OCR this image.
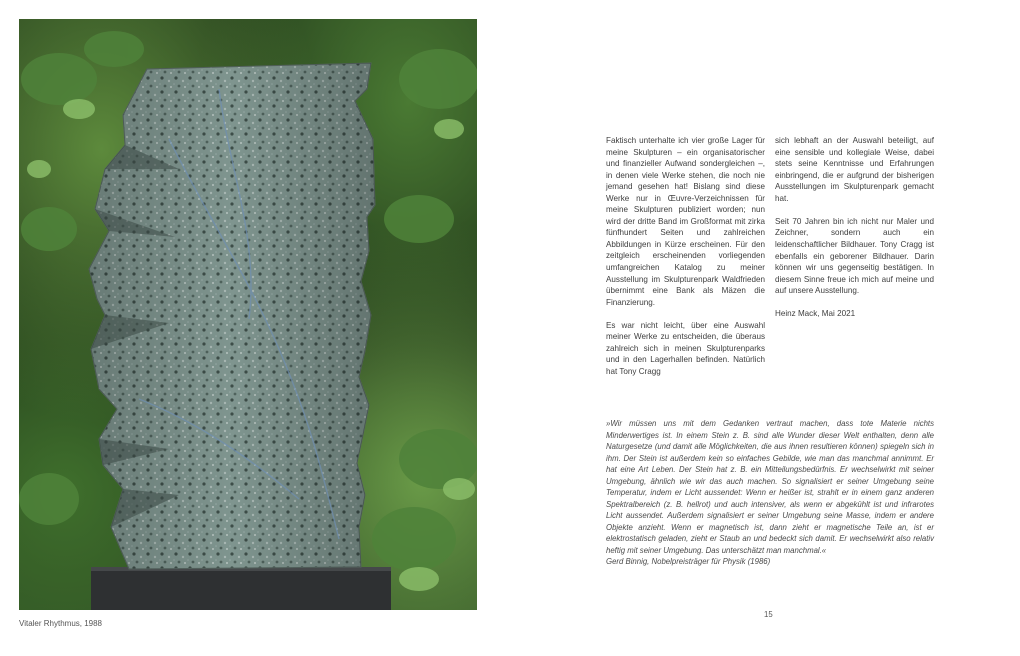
Vitaler Rhythmus, 1988

Faktisch unterhalte ich vier große Lager für meine Skulpturen – ein organisatorischer und finanzieller Aufwand sondergleichen –, in denen viele Werke stehen, die noch nie jemand gesehen hat! Bislang sind diese Werke nur in Œuvre-Verzeichnissen für meine Skulpturen publiziert worden; nun wird der dritte Band im Großformat mit zirka fünfhundert Seiten und zahlreichen Abbildungen in Kürze erscheinen. Für den zeitgleich erscheinenden vorliegenden umfangreichen Katalog zu meiner Ausstellung im Skulpturenpark Waldfrieden übernimmt eine Bank als Mäzen die Finanzierung.

Es war nicht leicht, über eine Auswahl meiner Werke zu entscheiden, die überaus zahlreich sich in meinen Skulpturenparks und in den Lagerhallen befinden. Natürlich hat Tony Cragg

sich lebhaft an der Auswahl beteiligt, auf eine sensible und kollegiale Weise, dabei stets seine Kenntnisse und Erfahrungen einbringend, die er aufgrund der bisherigen Ausstellungen im Skulpturenpark gemacht hat.

Seit 70 Jahren bin ich nicht nur Maler und Zeichner, sondern auch ein leidenschaftlicher Bildhauer. Tony Cragg ist ebenfalls ein geborener Bildhauer. Darin können wir uns gegenseitig bestätigen. In diesem Sinne freue ich mich auf meine und auf unsere Ausstellung.

Heinz Mack, Mai 2021

»Wir müssen uns mit dem Gedanken vertraut machen, dass tote Materie nichts Minderwertiges ist. In einem Stein z. B. sind alle Wunder dieser Welt enthalten, denn alle Naturgesetze (und damit alle Möglichkeiten, die aus ihnen resultieren können) spiegeln sich in ihm. Der Stein ist außerdem kein so einfaches Gebilde, wie man das manchmal annimmt. Er hat eine Art Leben. Der Stein hat z. B. ein Mitteilungsbedürfnis. Er wechselwirkt mit seiner Umgebung, ähnlich wie wir das auch machen. So signalisiert er seiner Umgebung seine Temperatur, indem er Licht aussendet: Wenn er heißer ist, strahlt er in einem ganz anderen Spektralbereich (z. B. hellrot) und auch intensiver, als wenn er abgekühlt ist und infrarotes Licht aussendet. Außerdem signalisiert er seiner Umgebung seine Masse, indem er andere Objekte anzieht. Wenn er magnetisch ist, dann zieht er magnetische Teile an, ist er elektrostatisch geladen, zieht er Staub an und bedeckt sich damit. Er wechselwirkt also relativ heftig mit seiner Umgebung. Das unterschätzt man manchmal.«
Gerd Binnig, Nobelpreisträger für Physik (1986)
15
